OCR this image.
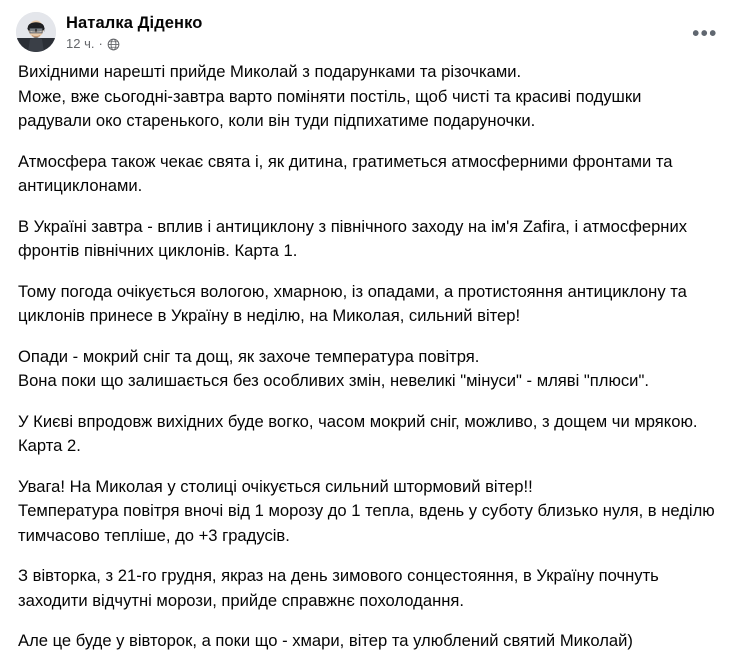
Наталка Діденко
12 ч. ·	•••

Вихідними нарешті прийде Миколай з подарунками та різочками.
Може, вже сьогодні-завтра варто поміняти постіль, щоб чисті та красиві подушки радували око старенького, коли він туди підпихатиме подаруночки.

Атмосфера також чекає свята і, як дитина, гратиметься атмосферними фронтами та антициклонами.

В Україні завтра - вплив і антициклону з північного заходу на ім'я Zafira, і атмосферних фронтів північних циклонів. Карта 1.

Тому погода очікується вологою, хмарною, із опадами, а протистояння антициклону та циклонів принесе в Україну в неділю, на Миколая, сильний вітер!

Опади - мокрий сніг та дощ, як захоче температура повітря.
Вона поки що залишається без особливих змін, невеликі "мінуси" - мляві "плюси".

У Києві впродовж вихідних буде вогко, часом мокрий сніг, можливо, з дощем чи мрякою. Карта 2.

Увага! На Миколая у столиці очікується сильний штормовий вітер!!
Температура повітря вночі від 1 морозу до 1 тепла, вдень у суботу близько нуля, в неділю тимчасово тепліше, до +3 градусів.

З вівторка, з 21-го грудня, якраз на день зимового сонцестояння, в Україну почнуть заходити відчутні морози, прийде справжнє похолодання.

Але це буде у вівторок, а поки що - хмари, вітер та улюблений святий Миколай)
